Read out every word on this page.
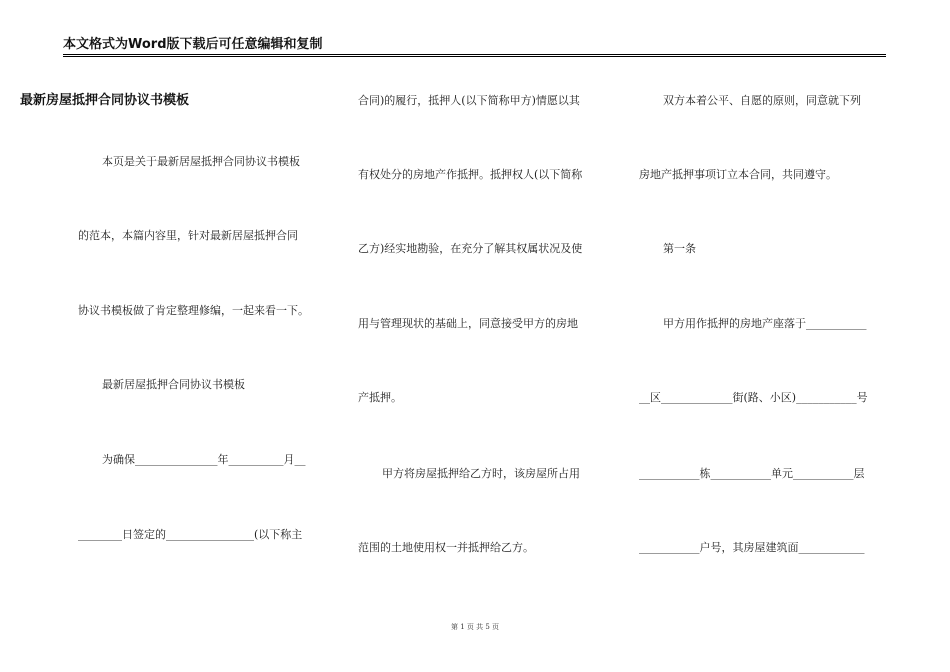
本文格式为Word版下载后可任意编辑和复制
最新房屋抵押合同协议书模板
本页是关于最新居屋抵押合同协议书模板
的范本，本篇内容里，针对最新居屋抵押合同
协议书模板做了肯定整理修编，一起来看一下。
最新居屋抵押合同协议书模板
为确保_______________年__________月__
________日签定的________________(以下称主
合同)的履行，抵押人(以下简称甲方)情愿以其
有权处分的房地产作抵押。抵押权人(以下简称
乙方)经实地勘验，在充分了解其权属状况及使
用与管理现状的基础上，同意接受甲方的房地
产抵押。
甲方将房屋抵押给乙方时，该房屋所占用
范围的土地使用权一并抵押给乙方。
双方本着公平、自愿的原则，同意就下列
房地产抵押事项订立本合同，共同遵守。
第一条
甲方用作抵押的房地产座落于___________
__区_____________街(路、小区)___________号
___________栋___________单元___________层
___________户号，其房屋建筑面____________
第 1 页 共 5 页
